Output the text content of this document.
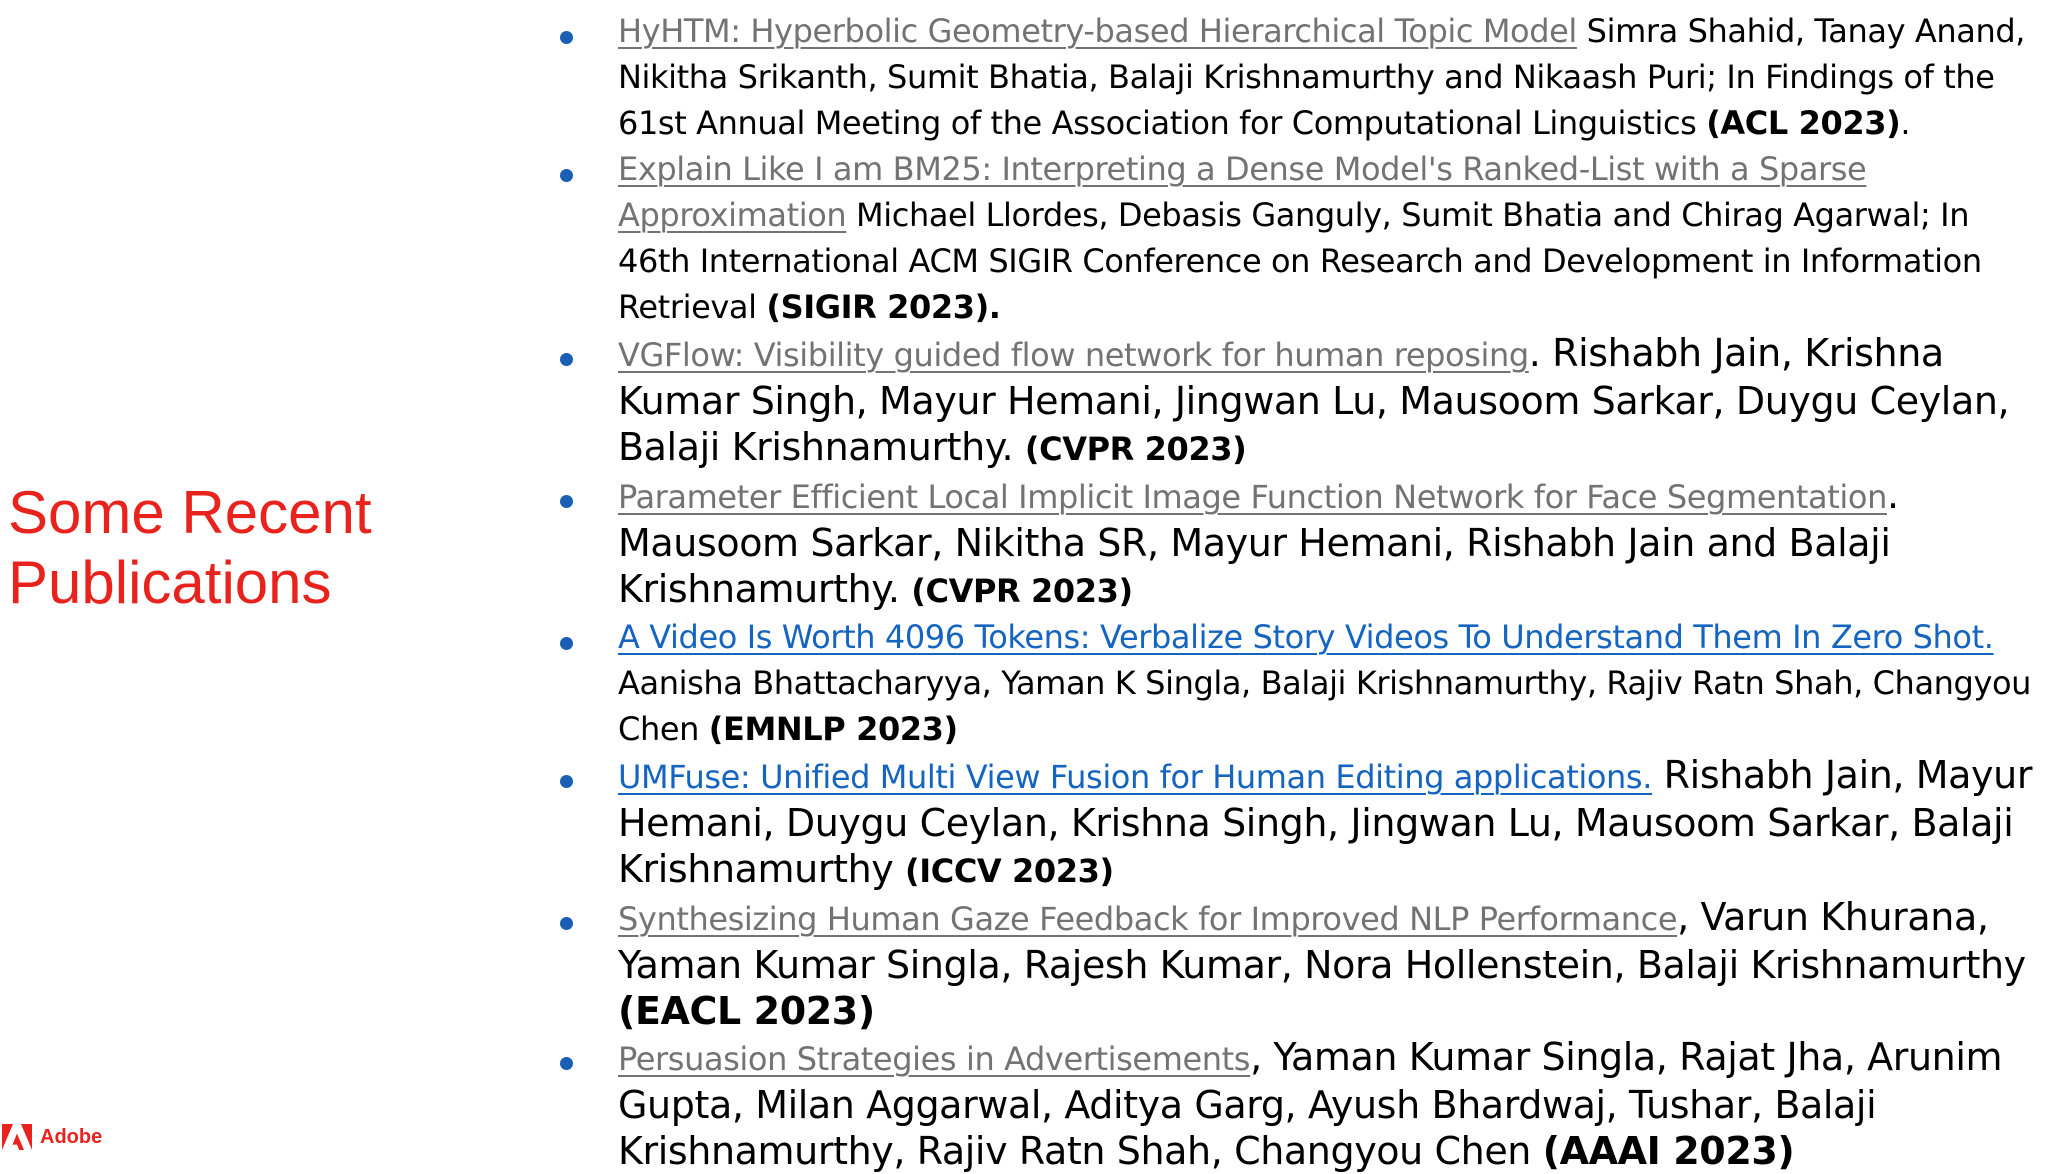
Some Recent
Publications
HyHTM: Hyperbolic Geometry-based Hierarchical Topic Model Simra Shahid, Tanay Anand, Nikitha Srikanth, Sumit Bhatia, Balaji Krishnamurthy and Nikaash Puri; In Findings of the 61st Annual Meeting of the Association for Computational Linguistics (ACL 2023).
Explain Like I am BM25: Interpreting a Dense Model's Ranked-List with a Sparse Approximation Michael Llordes, Debasis Ganguly, Sumit Bhatia and Chirag Agarwal; In 46th International ACM SIGIR Conference on Research and Development in Information Retrieval (SIGIR 2023).
VGFlow: Visibility guided flow network for human reposing. Rishabh Jain, Krishna Kumar Singh, Mayur Hemani, Jingwan Lu, Mausoom Sarkar, Duygu Ceylan, Balaji Krishnamurthy. (CVPR 2023)
Parameter Efficient Local Implicit Image Function Network for Face Segmentation. Mausoom Sarkar, Nikitha SR, Mayur Hemani, Rishabh Jain and Balaji Krishnamurthy. (CVPR 2023)
A Video Is Worth 4096 Tokens: Verbalize Story Videos To Understand Them In Zero Shot. Aanisha Bhattacharyya, Yaman K Singla, Balaji Krishnamurthy, Rajiv Ratn Shah, Changyou Chen (EMNLP 2023)
UMFuse: Unified Multi View Fusion for Human Editing applications. Rishabh Jain, Mayur Hemani, Duygu Ceylan, Krishna Singh, Jingwan Lu, Mausoom Sarkar, Balaji Krishnamurthy (ICCV 2023)
Synthesizing Human Gaze Feedback for Improved NLP Performance, Varun Khurana, Yaman Kumar Singla, Rajesh Kumar, Nora Hollenstein, Balaji Krishnamurthy (EACL 2023)
Persuasion Strategies in Advertisements, Yaman Kumar Singla, Rajat Jha, Arunim Gupta, Milan Aggarwal, Aditya Garg, Ayush Bhardwaj, Tushar, Balaji Krishnamurthy, Rajiv Ratn Shah, Changyou Chen (AAAI 2023)
Adobe
